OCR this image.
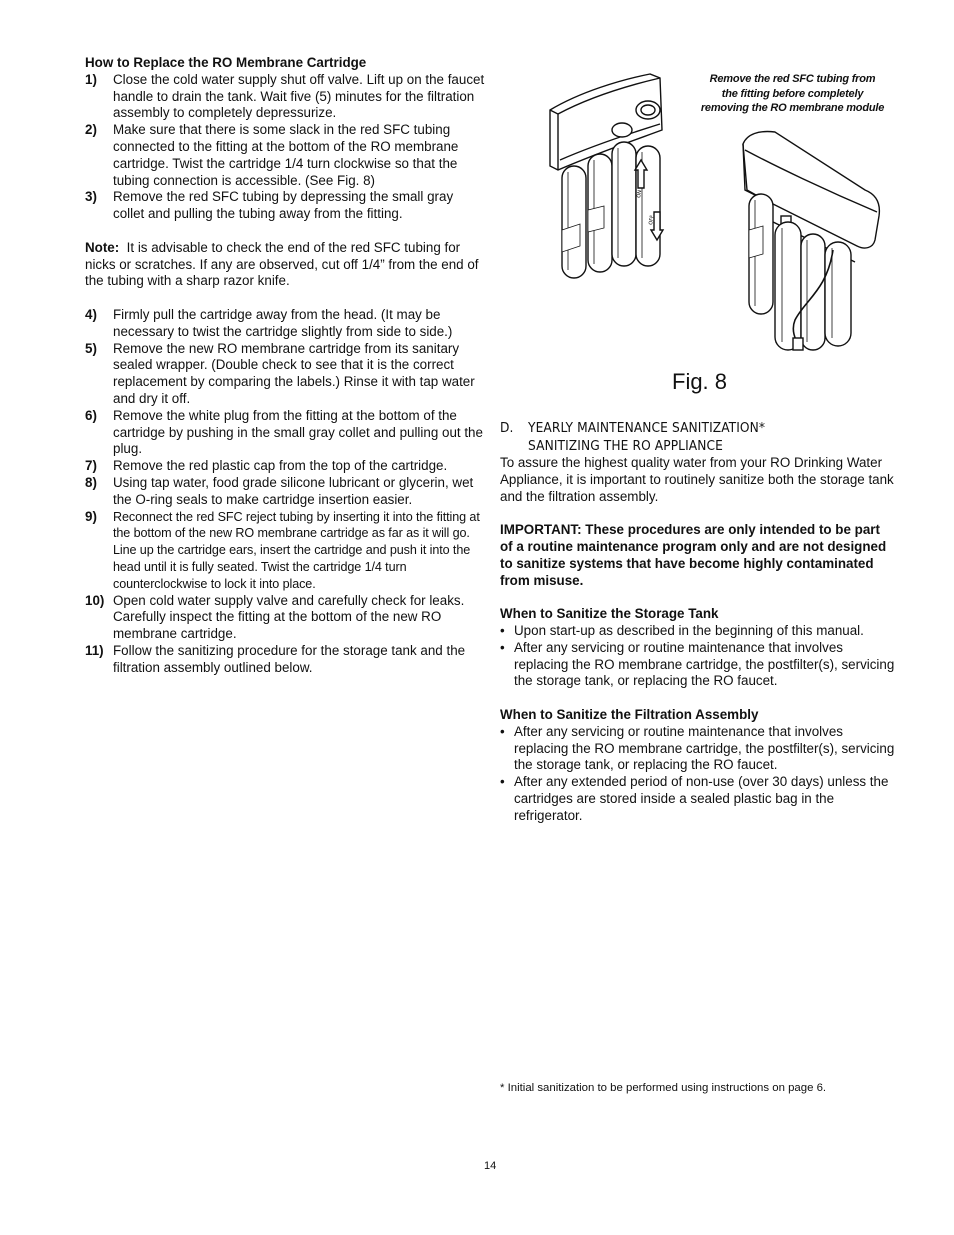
How to Replace the RO Membrane Cartridge
1)	Close the cold water supply shut off valve. Lift up on the faucet handle to drain the tank. Wait five (5) minutes for the filtration assembly to completely depressurize.
2)	Make sure that there is some slack in the red SFC tubing connected to the fitting at the bottom of the RO membrane cartridge. Twist the cartridge 1/4 turn clockwise so that the tubing connection is accessible. (See Fig. 8)
3)	Remove the red SFC tubing by depressing the small gray collet and pulling the tubing away from the fitting.
Note: It is advisable to check the end of the red SFC tubing for nicks or scratches. If any are observed, cut off 1/4” from the end of the tubing with a sharp razor knife.
4)	Firmly pull the cartridge away from the head. (It may be necessary to twist the cartridge slightly from side to side.)
5)	Remove the new RO membrane cartridge from its sanitary sealed wrapper. (Double check to see that it is the correct replacement by comparing the labels.) Rinse it with tap water and dry it off.
6)	Remove the white plug from the fitting at the bottom of the cartridge by pushing in the small gray collet and pulling out the plug.
7)	Remove the red plastic cap from the top of the cartridge.
8)	Using tap water, food grade silicone lubricant or glycerin, wet the O-ring seals to make cartridge insertion easier.
9)	Reconnect the red SFC reject tubing by inserting it into the fitting at the bottom of the new RO membrane cartridge as far as it will go. Line up the cartridge ears, insert the cartridge and push it into the head until it is fully seated. Twist the cartridge 1/4 turn counterclockwise to lock it into place.
10) Open cold water supply valve and carefully check for leaks. Carefully inspect the fitting at the bottom of the new RO membrane cartridge.
11) Follow the sanitizing procedure for the storage tank and the filtration assembly outlined below.
Remove the red SFC tubing from
the fitting before completely
removing the RO membrane module
ON
OFF
Fig. 8
D. YEARLY MAINTENANCE SANITIZATION*
SANITIZING THE RO APPLIANCE
To assure the highest quality water from your RO Drinking Water Appliance, it is important to routinely sanitize both the storage tank and the filtration assembly.
IMPORTANT: These procedures are only intended to be part of a routine maintenance program only and are not designed to sanitize systems that have become highly contaminated from misuse.
When to Sanitize the Storage Tank
• Upon start-up as described in the beginning of this manual.
• After any servicing or routine maintenance that involves replacing the RO membrane cartridge, the postfilter(s), servicing the storage tank, or replacing the RO faucet.
When to Sanitize the Filtration Assembly
• After any servicing or routine maintenance that involves replacing the RO membrane cartridge, the postfilter(s), servicing the storage tank, or replacing the RO faucet.
• After any extended period of non-use (over 30 days) unless the cartridges are stored inside a sealed plastic bag in the refrigerator.
* Initial sanitization to be performed using instructions on page 6.
14
